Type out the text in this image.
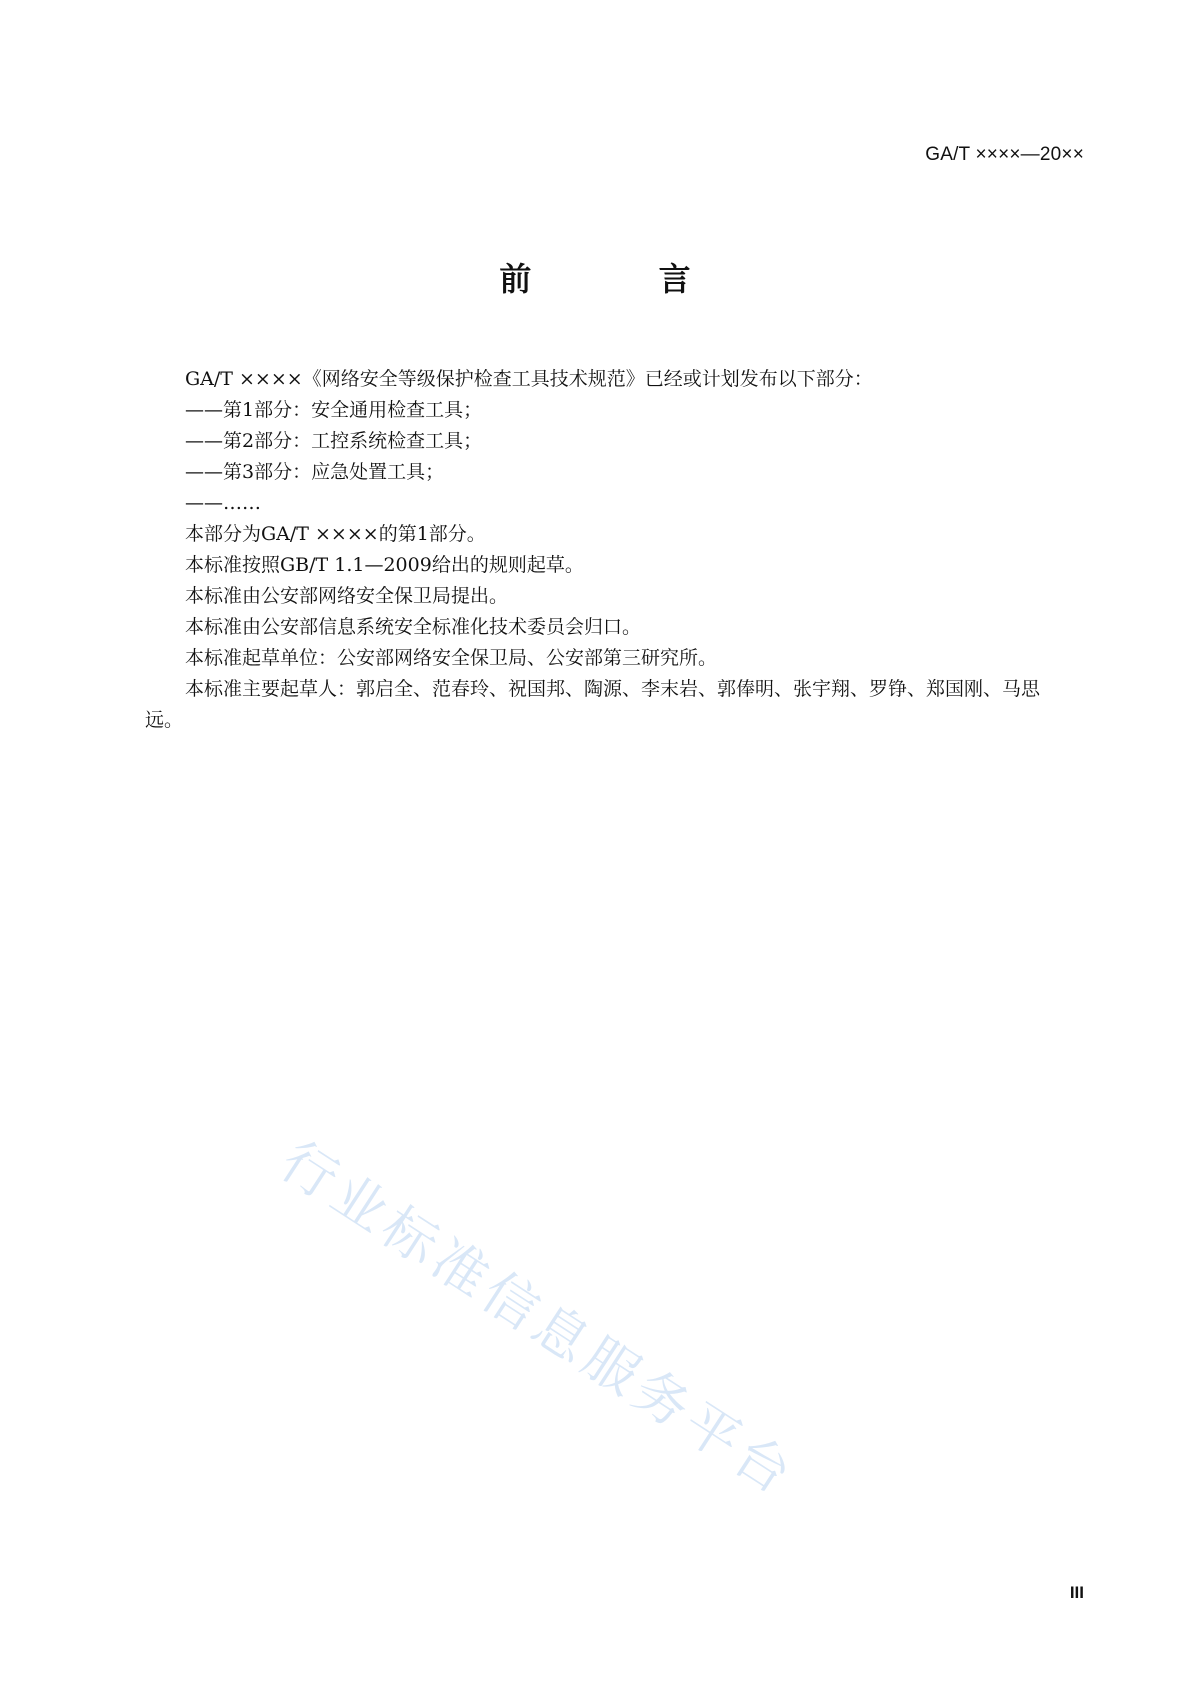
GA/T ××××—20××
前 言

GA/T ××××《网络安全等级保护检查工具技术规范》已经或计划发布以下部分：

——第1部分：安全通用检查工具；

——第2部分：工控系统检查工具；

——第3部分：应急处置工具；

——……

本部分为GA/T ××××的第1部分。

本标准按照GB/T 1.1—2009给出的规则起草。

本标准由公安部网络安全保卫局提出。

本标准由公安部信息系统安全标准化技术委员会归口。

本标准起草单位：公安部网络安全保卫局、公安部第三研究所。

本标准主要起草人：郭启全、范春玲、祝国邦、陶源、李末岩、郭俸明、张宇翔、罗铮、郑国刚、马思远。

行业标准信息服务平台
III
